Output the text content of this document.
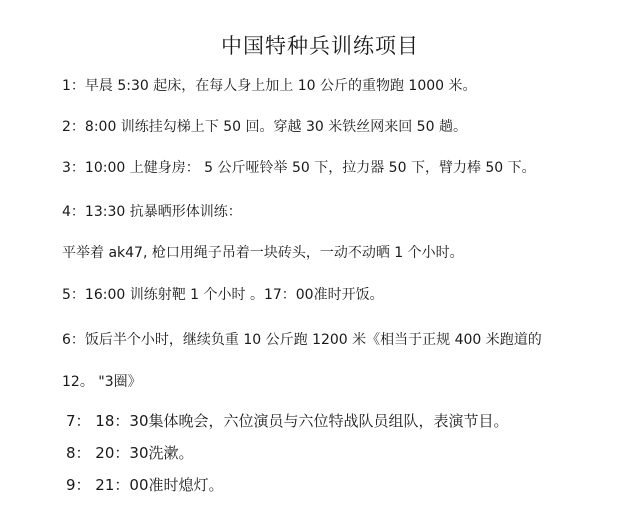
中国特种兵训练项目
1：早晨 5:30 起床，在每人身上加上 10 公斤的重物跑 1000 米。
2：8:00 训练挂勾梯上下 50 回。穿越 30 米铁丝网来回 50 趟。
3：10:00 上健身房： 5 公斤哑铃举 50 下，拉力器 50 下，臂力棒 50 下。
4：13:30 抗暴晒形体训练：
平举着 ak47, 枪口用绳子吊着一块砖头，一动不动晒 1 个小时。
5：16:00 训练射靶 1 个小时 。17：00准时开饭。
6：饭后半个小时，继续负重 10 公斤跑 1200 米《相当于正规 400 米跑道的
12。 "3圈》
7： 18：30集体晚会，六位演员与六位特战队员组队，表演节目。
8： 20：30洗漱。
9： 21：00准时熄灯。
